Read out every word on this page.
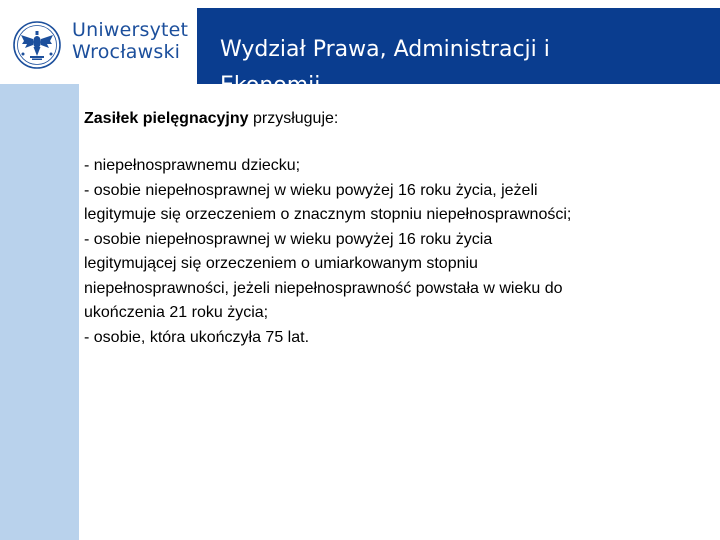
Uniwersytet
Wrocławski	Wydział Prawa, Administracji i

Zasiłek pielęgnacyjny przysługuje:

- niepełnosprawnemu dziecku;
- osobie niepełnosprawnej w wieku powyżej 16 roku życia, jeżeli
legitymuje się orzeczeniem o znacznym stopniu niepełnosprawności;
- osobie niepełnosprawnej w wieku powyżej 16 roku życia
legitymującej się orzeczeniem o umiarkowanym stopniu
niepełnosprawności, jeżeli niepełnosprawność powstała w wieku do
ukończenia 21 roku życia;
- osobie, która ukończyła 75 lat.
